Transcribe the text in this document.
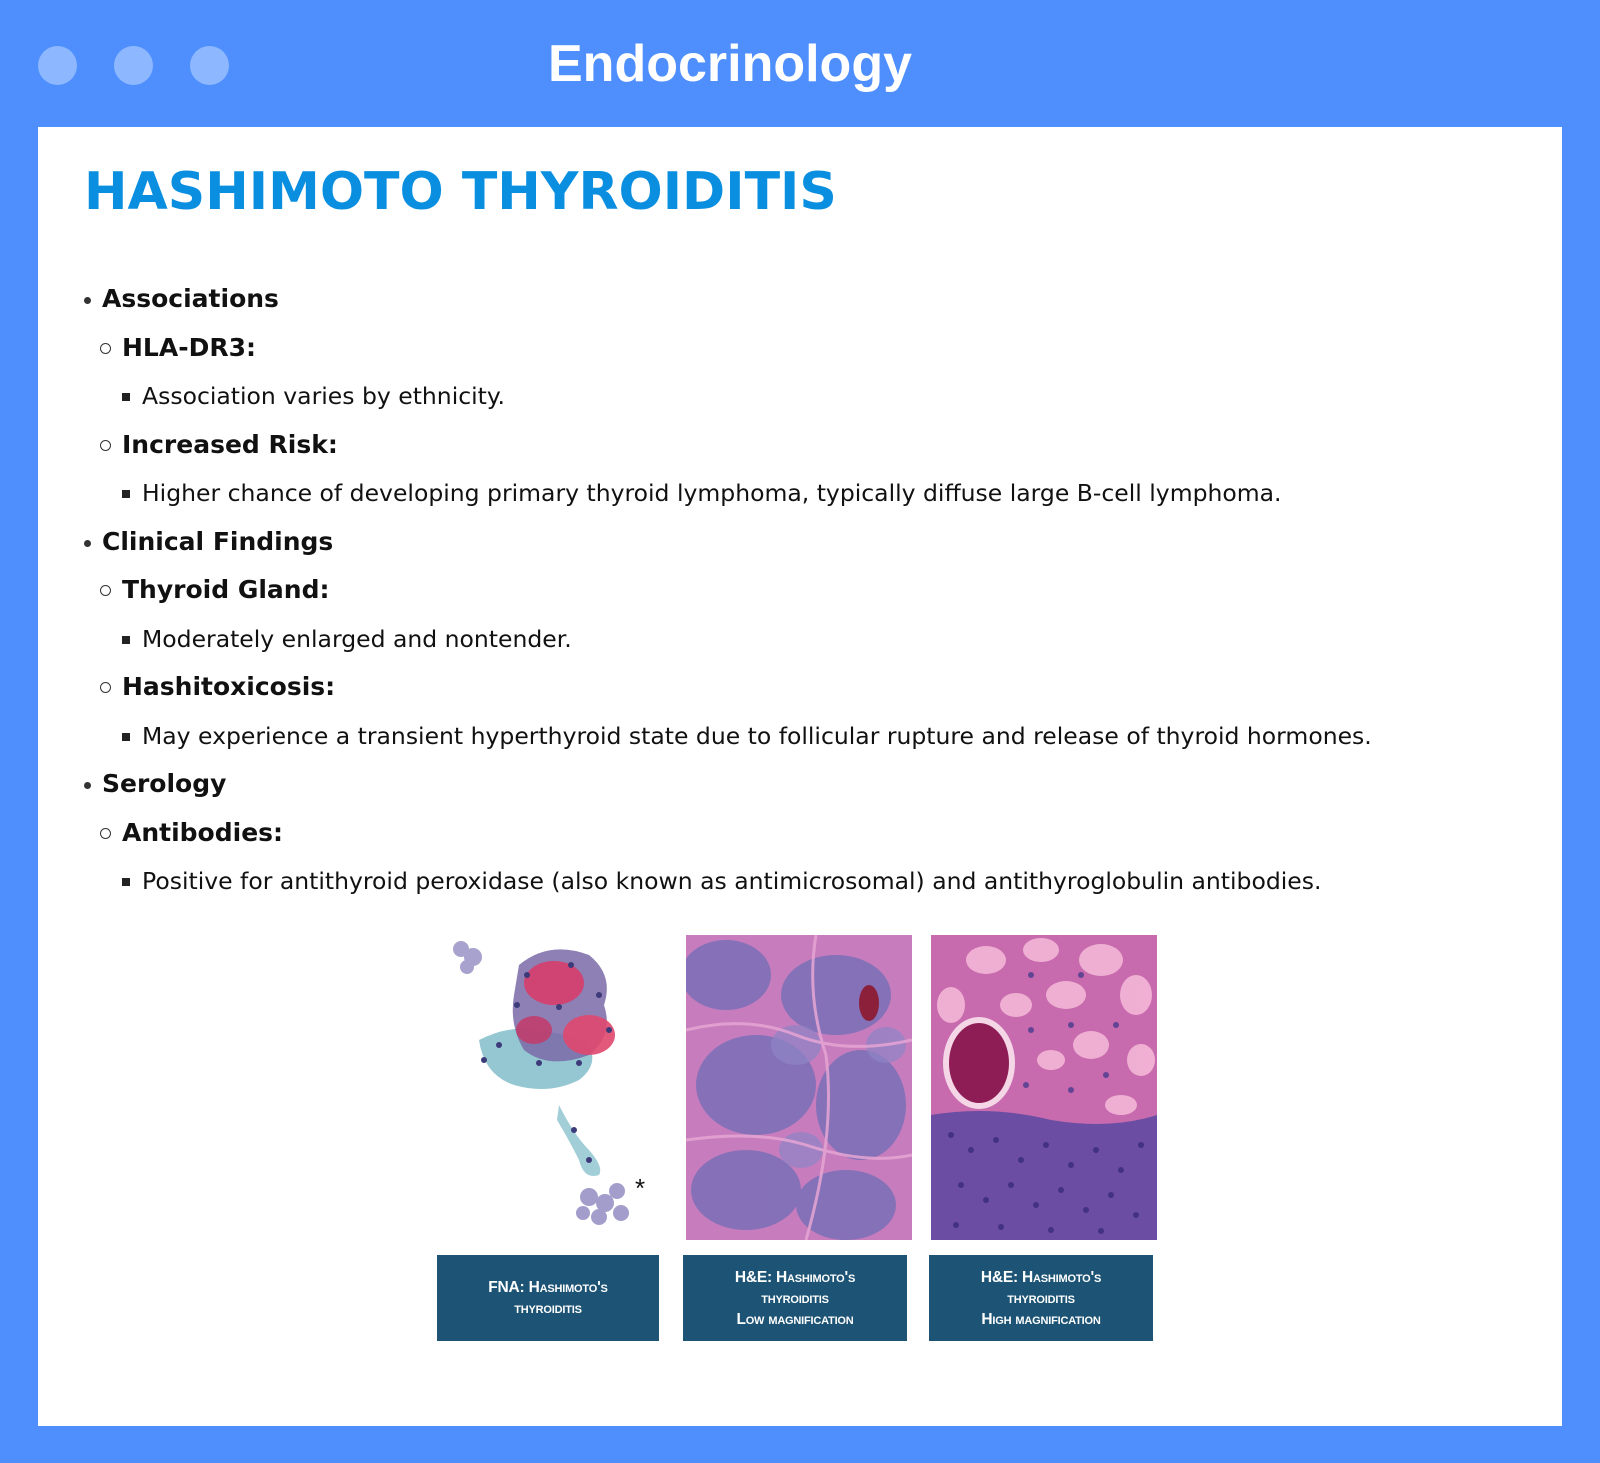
Endocrinology
HASHIMOTO THYROIDITIS
Associations
HLA-DR3:
Association varies by ethnicity.
Increased Risk:
Higher chance of developing primary thyroid lymphoma, typically diffuse large B-cell lymphoma.
Clinical Findings
Thyroid Gland:
Moderately enlarged and nontender.
Hashitoxicosis:
May experience a transient hyperthyroid state due to follicular rupture and release of thyroid hormones.
Serology
Antibodies:
Positive for antithyroid peroxidase (also known as antimicrosomal) and antithyroglobulin antibodies.
*
FNA: Hashimoto's
thyroiditis
H&E: Hashimoto's
thyroiditis
Low magnification
H&E: Hashimoto's
thyroiditis
High magnification
